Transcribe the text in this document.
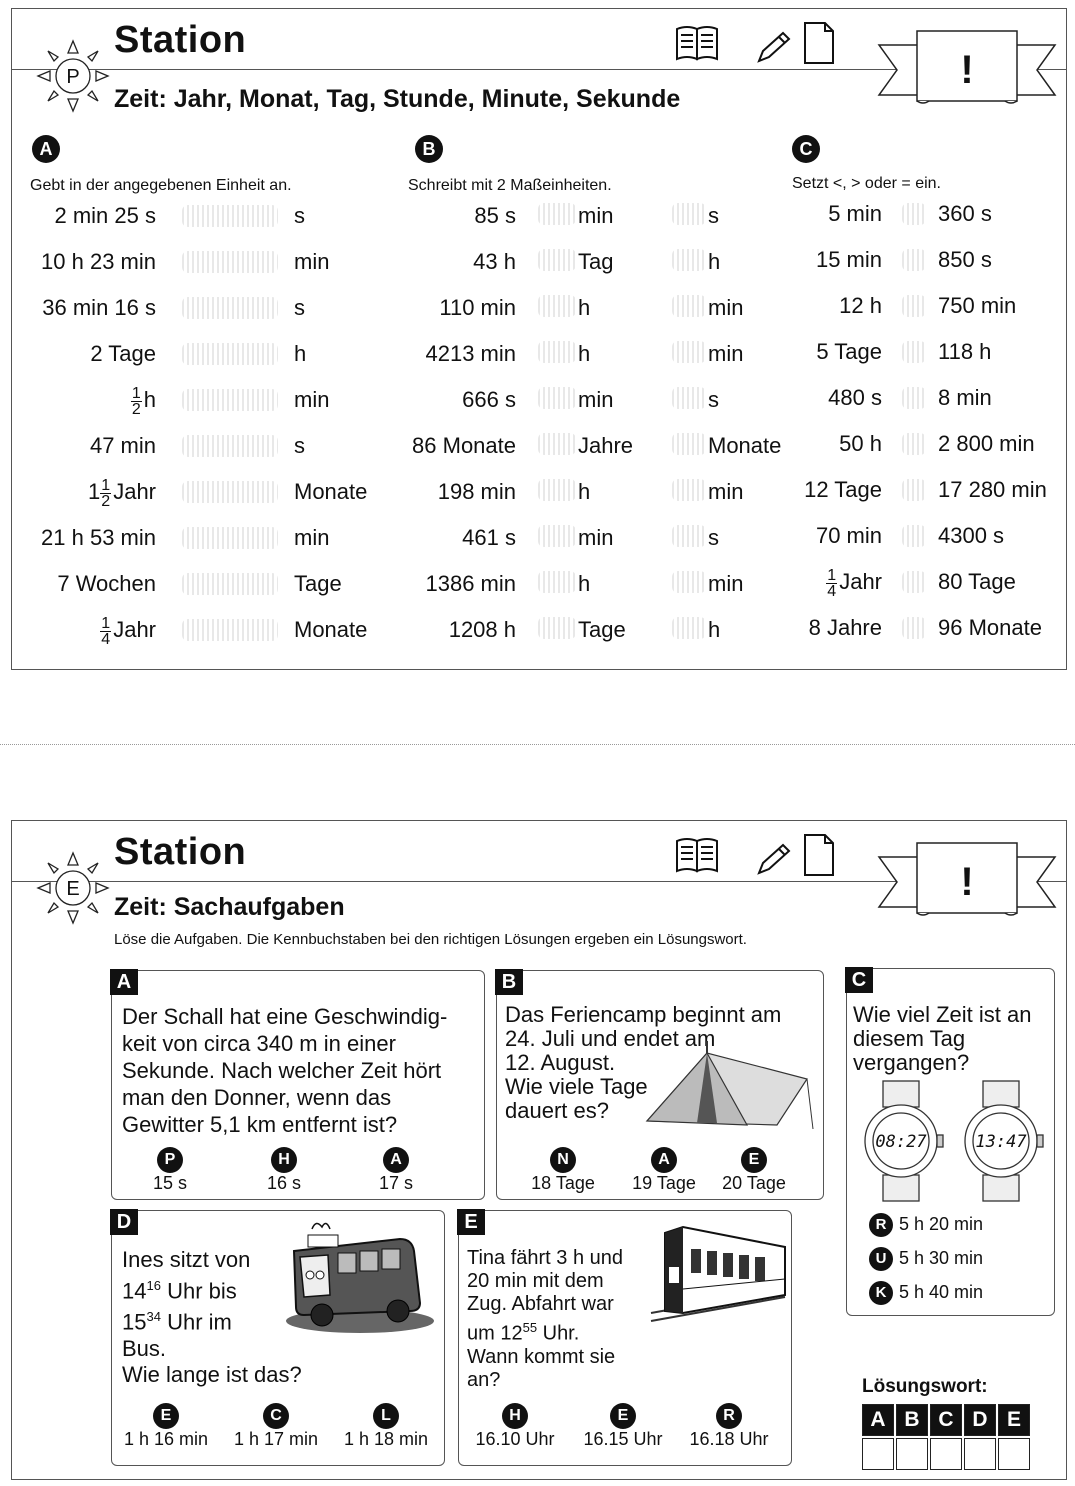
P
Station
Zeit: Jahr, Monat, Tag, Stunde, Minute, Sekunde
!
A	B	C
Gebt in der angegebenen Einheit an.	Schreibt mit 2 Maßeinheiten.	Setzt <, > oder = ein.
2 min 25 s	s
10 h 23 min	min
36 min 16 s	s
2 Tage	h
$\frac{1}{2}$ h	min
47 min	s
$1 \frac{1}{2}$ Jahr	Monate
21 h 53 min	min
7 Wochen	Tage
$\frac{1}{4}$ Jahr	Monate
85 s	min	s
43 h	Tag	h
110 min	h	min
4213 min	h	min
666 s	min	s
86 Monate	Jahre	Monate
198 min	h	min
461 s	min	s
1386 min	h	min
1208 h	Tage	h
5 min	360 s
15 min	850 s
12 h	750 min
5 Tage	118 h
480 s	8 min
50 h	2 800 min
12 Tage	17 280 min
70 min	4300 s
$\frac{1}{4}$ Jahr	80 Tage
8 Jahre	96 Monate
E
Station
Zeit: Sachaufgaben
Löse die Aufgaben. Die Kennbuchstaben bei den richtigen Lösungen ergeben ein Lösungswort.
!
A
Der Schall hat eine Geschwindig-
keit von circa 340 m in einer
Sekunde. Nach welcher Zeit hört
man den Donner, wenn das
Gewitter 5,1 km entfernt ist?
P
15 s
H
16 s
A
17 s
B
Das Feriencamp beginnt am
24. Juli und endet am
12. August.
Wie viele Tage
dauert es?
N
18 Tage
A
19 Tage
E
20 Tage
C
Wie viel Zeit ist an
diesem Tag
vergangen?
08:27	13:47
R 5 h 20 min
U 5 h 30 min
K 5 h 40 min
D
Ines sitzt von
$14^{16}$ Uhr bis
$15^{34}$ Uhr im
Bus.
Wie lange ist das?
E
1 h 16 min
C
1 h 17 min
L
1 h 18 min
E
Tina fährt 3 h und
20 min mit dem
Zug. Abfahrt war
um $12^{55}$ Uhr.
Wann kommt sie
an?
H
16.10 Uhr
E
16.15 Uhr
R
16.18 Uhr
Lösungswort:
A B C D E
